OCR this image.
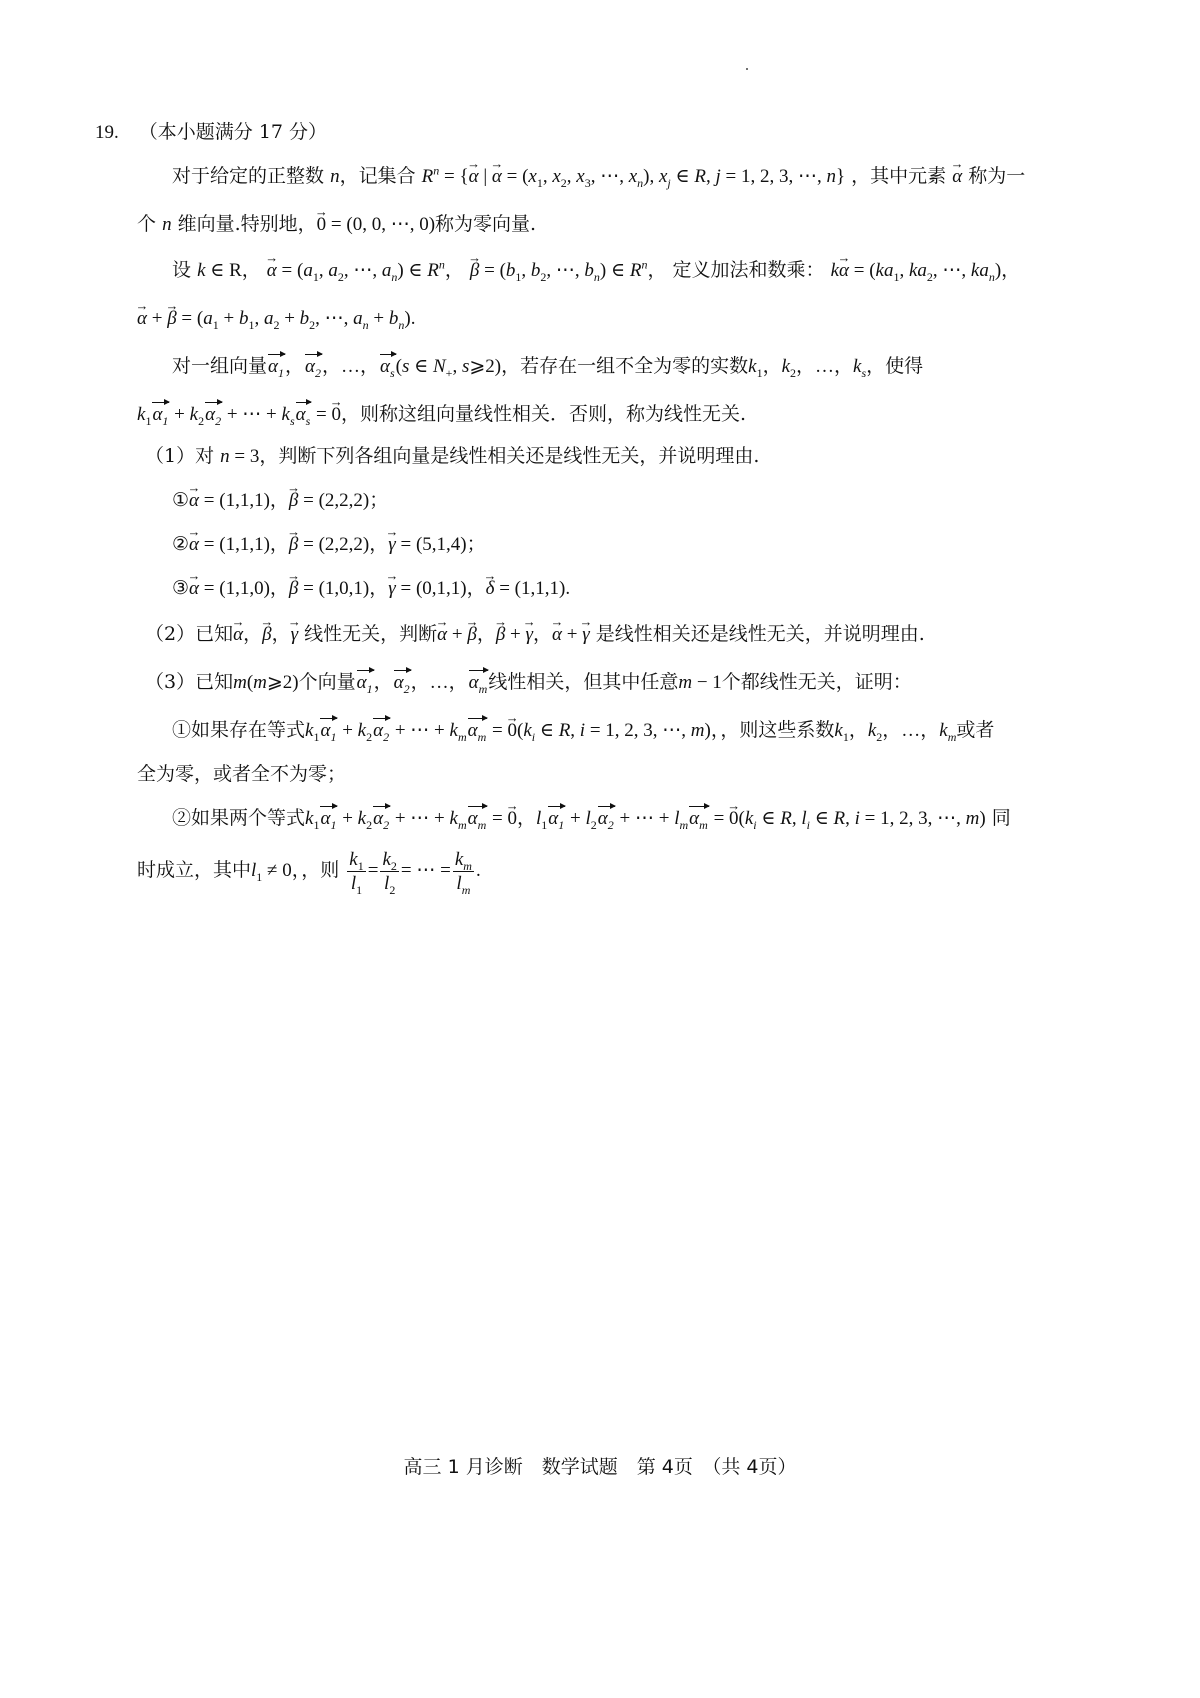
19. （本小题满分 17 分）
对于给定的正整数 n，记集合 $R^n$ = {→ α | → $\alpha = (x_1$, $x_2$, $x_3$, ⋯, $x_n$), $x_j$ ∈ R, j = 1, 2, 3, ⋯, n} ，其中元素 → α 称为一
个 n 维向量.特别地，→ 0 = (0, 0, ⋯, 0)称为零向量.
设 k ∈ R， → $\alpha = (a_1$, $a_2$, ⋯, $a_n$) ∈ $R^n$， → $\beta = (b_1$, $b_2$, ⋯, $b_n$) ∈ $R^n$， 定义加法和数乘： $k\to \alpha = (ka_1$, $ka_2$, ⋯, $ka_n$)，
→ α + → $\beta = (a_1 + b_1$, $a_2 + b_2$, ⋯, $a_n + b_n$).
对一组向量$\alpha_1$，$\alpha_2$，…，$\alpha_s(s$ ∈ $N_+$, s⩾2)，若存在一组不全为零的实数$k_1$，$k_2$，…，$k_s$，使得
$k_1\alpha_1 + k_2\alpha_2$ + ⋯ + $k_s\alpha_s$ = → 0，则称这组向量线性相关．否则，称为线性无关.
（1）对 n = 3，判断下列各组向量是线性相关还是线性无关，并说明理由.
①→ α = (1,1,1)，→ β = (2,2,2)；
②→ α = (1,1,1)，→ β = (2,2,2)，→ γ = (5,1,4)；
③→ α = (1,1,0)，→ β = (1,0,1)，→ γ = (0,1,1)，→ δ = (1,1,1).
（2）已知→ α，→ β，→ γ 线性无关，判断→ α + → β，→ β + → γ，→ α + → γ 是线性相关还是线性无关，并说明理由.
（3）已知m(m⩾2)个向量$\alpha_1$，$\alpha_2$，…，$\alpha_m$线性相关，但其中任意m − 1个都线性无关，证明：
①如果存在等式$k_1\alpha_1 + k_2\alpha_2$ + ⋯ + $k_m\alpha_m$ = → $0(k_i$ ∈ R, i = 1, 2, 3, ⋯, m)，，则这些系数$k_1$，$k_2$，…，$k_m$或者
全为零，或者全不为零；
②如果两个等式$k_1\alpha_1 + k_2\alpha_2$ + ⋯ + $k_m\alpha_m$ = → 0，$l_1\alpha_1 + l_2\alpha_2$ + ⋯ + $l_m\alpha_m$ = → $0(k_i$ ∈ R, $l_i$ ∈ R, i = 1, 2, 3, ⋯, m) 同
时成立，其中$l_1 \ne 0$，，则 $\frac{k_1}{l_1} = \frac{k_2}{l_2}$ = ⋯ = $\frac{k_m}{l_m}$ .
高三 1 月诊断　数学试题　第 4页　（共 4页）
